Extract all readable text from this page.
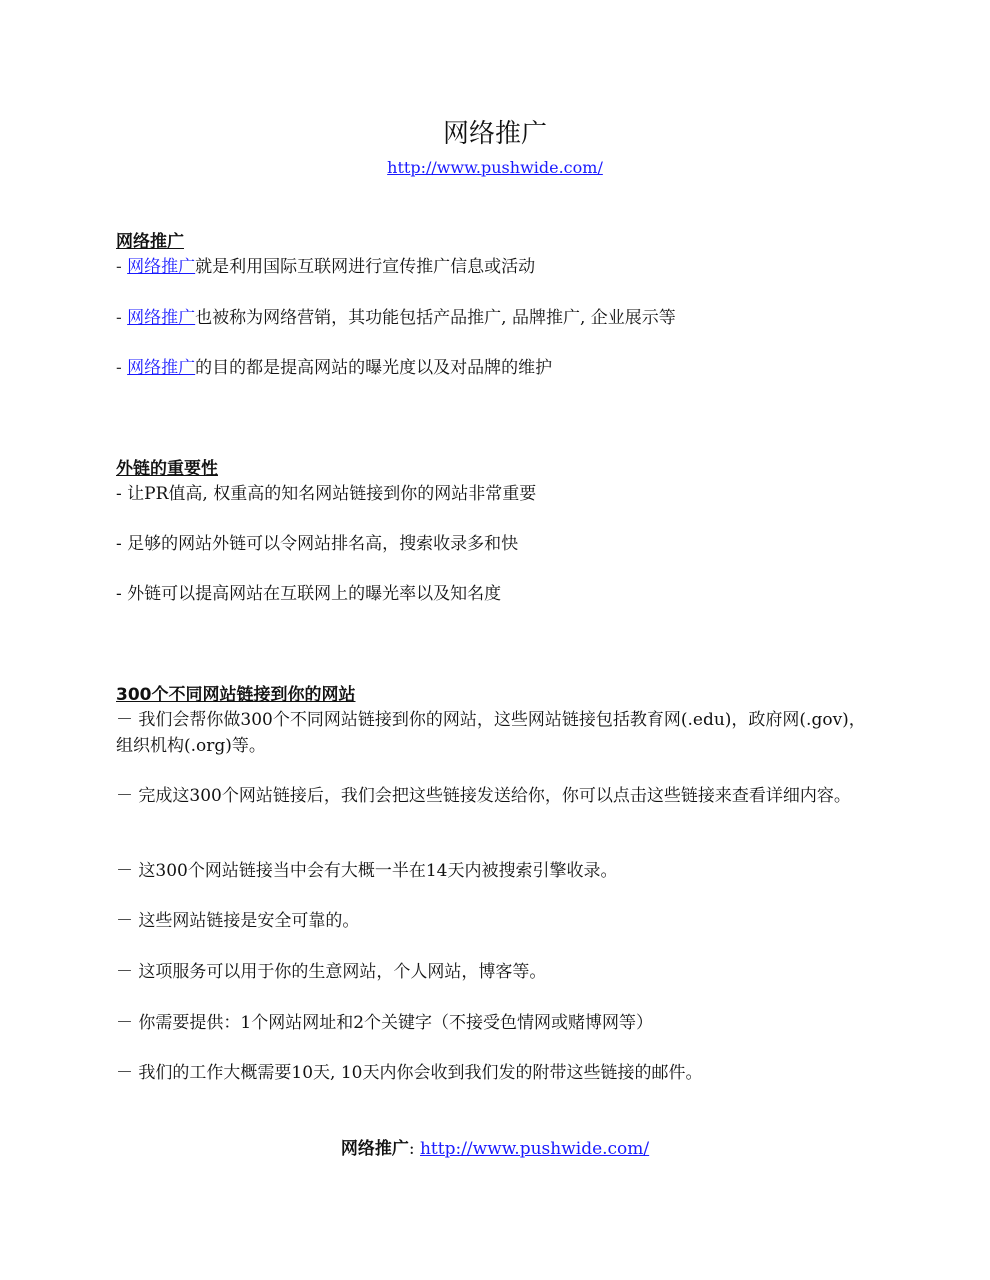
网络推广
http://www.pushwide.com/
网络推广
- 网络推广就是利用国际互联网进行宣传推广信息或活动
- 网络推广也被称为网络营销，其功能包括产品推广, 品牌推广, 企业展示等
- 网络推广的目的都是提高网站的曝光度以及对品牌的维护
外链的重要性
- 让PR值高, 权重高的知名网站链接到你的网站非常重要
- 足够的网站外链可以令网站排名高，搜索收录多和快
- 外链可以提高网站在互联网上的曝光率以及知名度
300个不同网站链接到你的网站
－ 我们会帮你做300个不同网站链接到你的网站，这些网站链接包括教育网(.edu)，政府网(.gov)，组织机构(.org)等。
－ 完成这300个网站链接后，我们会把这些链接发送给你，你可以点击这些链接来查看详细内容。
－ 这300个网站链接当中会有大概一半在14天内被搜索引擎收录。
－ 这些网站链接是安全可靠的。
－ 这项服务可以用于你的生意网站，个人网站，博客等。
－ 你需要提供：1个网站网址和2个关键字（不接受色情网或赌博网等）
－ 我们的工作大概需要10天, 10天内你会收到我们发的附带这些链接的邮件。
网络推广: http://www.pushwide.com/
